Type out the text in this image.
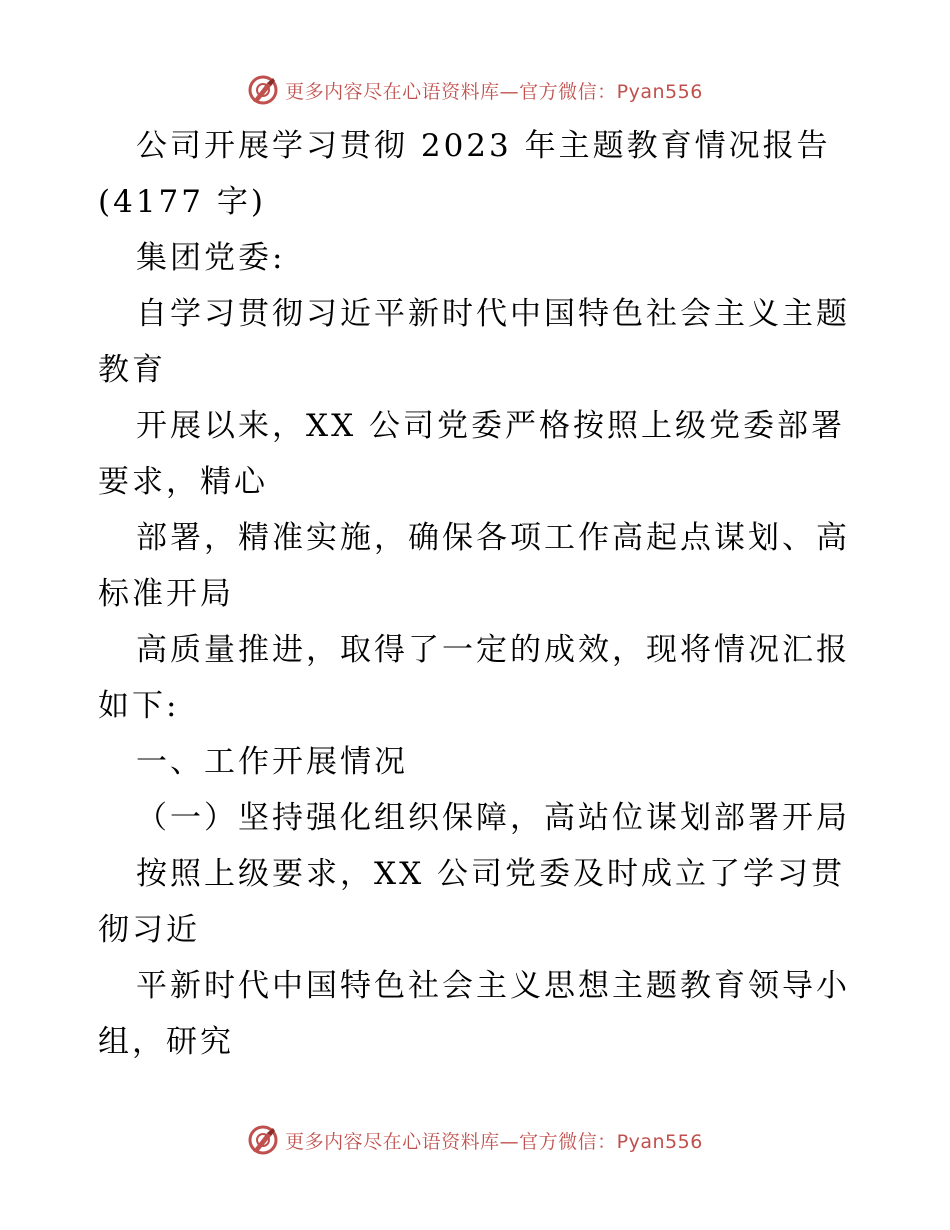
更多内容尽在心语资料库—官方微信：Pyan556
公司开展学习贯彻 2023 年主题教育情况报告
(4177 字)
集团党委:
自学习贯彻习近平新时代中国特色社会主义主题
教育
开展以来，XX 公司党委严格按照上级党委部署
要求，精心
部署，精准实施，确保各项工作高起点谋划、高
标准开局
高质量推进，取得了一定的成效，现将情况汇报
如下:
一、工作开展情况
（一）坚持强化组织保障，高站位谋划部署开局
按照上级要求，XX 公司党委及时成立了学习贯
彻习近
平新时代中国特色社会主义思想主题教育领导小
组，研究
更多内容尽在心语资料库—官方微信：Pyan556
